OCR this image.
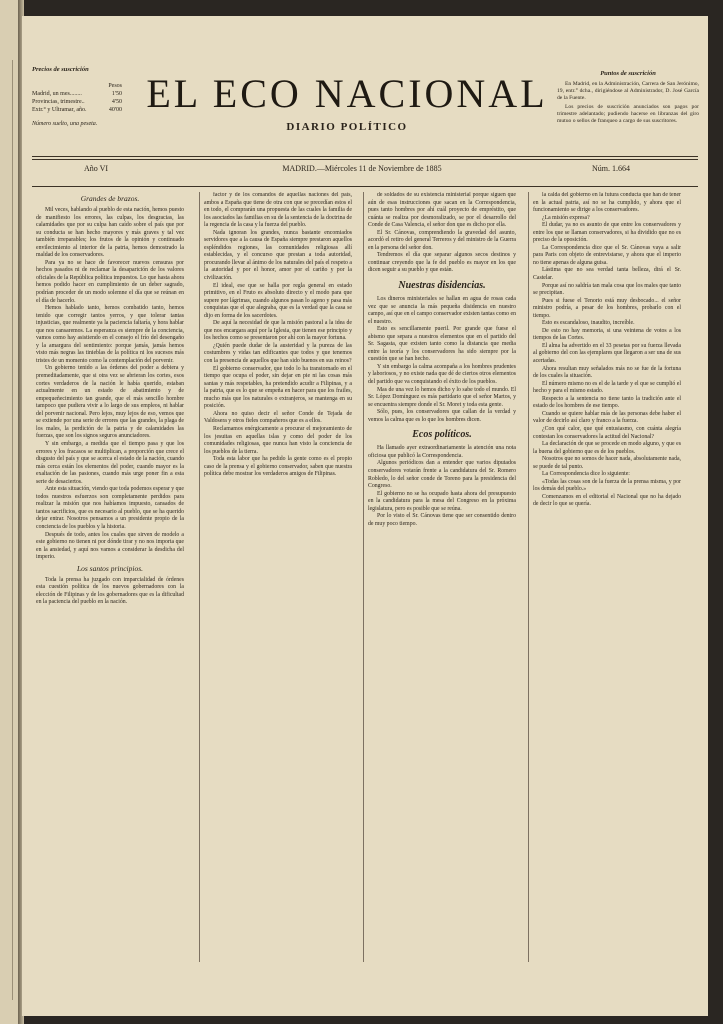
Precios de suscrición
Pesos
Madrid, un mes........	1'50
Provincias, trimestre..	4'50
Extr.° y Ultramar, año.	40'00
Número suelto, una peseta.
EL ECO NACIONAL
DIARIO POLÍTICO
Puntos de suscrición

En Madrid, en la Administración, Carrera de San Jerónimo, 19, entr.° dcha., dirigiéndose al Administrador, D. José García de la Fuente.

Los precios de suscrición anunciados son pagos por trimestre adelantado; pudiendo hacerse en libranzas del giro mutuo o sellos de franqueo a cargo de sus suscritores.

Año VI	MADRID.—Miércoles 11 de Noviembre de 1885	Núm. 1.664
Grandes de brazos.

Mil veces, hablando al pueblo de esta nación, hemos puesto de manifiesto los errores, las culpas, los desgracias, las calamidades que por su culpa han caído sobre el país que por su conducta se han hecho mayores y más graves y tal vez también irreparables; los frutos de la opinión y continuado envilecimiento al interior de la patria, hemos demostrado la maldad de los conservadores.

Para ya no se hace de favorecer nuevos censuras por hechos pasados ni de reclamar la desaparición de los valores oficiales de la República política impuestos. Lo que hasta ahora hemos podido hacer en cumplimiento de un deber sagrado, podrían proceder de un modo solemne el día que se reúnan en el día de hacerlo.

Hemos hablado tanto, hemos combatido tanto, hemos tenido que corregir tantos yerros, y que tolerar tantas injusticias, que realmente ya la paciencia faltaría, y hora hablar que nos cansaremos. La esperanza es siempre de la conciencia, vamos como hay asistiendo en el consejo el frío del desengaño y la amargura del sentimiento: porque jamás, jamás hemos visto más negras las tinieblas de la política ni los sucesos más tristes de un momento como la contemplación del porvenir.

Un gobierno tenido a las órdenes del poder a debiera y premeditadamente, que si otra vez se abrieran los cortes, esos cortes verdaderos de la nación le había querido, estaban actualmente en un estado de abatimiento y de empequeñecimiento tan grande, que el más sencillo hombre tampoco que pudiera vivir a lo largo de sus empleos, ni hablar del porvenir nacional. Pero lejos, muy lejos de eso, vemos que se extiende por una serie de errores que las grandes, la plaga de los males, la perdición de la patria y de calamidades las fuerzas, que son los signos seguros anunciadores.

Y sin embargo, a medida que el tiempo pasa y que los errores y los fracasos se multiplican, a proporción que crece el disgusto del país y que se acerca el estado de la nación, cuando más cerca están los elementos del poder, cuando mayor es la exaltación de las pasiones, cuando más urge poner fin a esta serie de desaciertos.

Ante esta situación, viendo que toda podemos esperar y que todos nuestros esfuerzos son completamente perdidos para realizar la misión que nos habíamos impuesto, cansados de tantos sacrificios, que es necesario al pueblo, que se ha querido dejar entrar. Nosotros pensamos a un presidente propio de la conciencia de los pueblos y la historia.

Después de todo, antes los cuales que sirven de modelo a este gobierno no tienen ni por dónde tirar y no nos importa que en la ansiedad, y aquí nos vamos a considerar la desdicha del imperio.

Los santos principios.

Toda la prensa ha juzgado con imparcialidad de órdenes esta cuestión política de los nuevos gobernadores con la elección de Filipinas y de los gobernadores que es la dificultad en la paciencia del pueblo en la nación.

factor y de los comandos de aquellas naciones del país, ambos a España que tiene de otra con que se precedían estos el en todo, el comprarán una propuesta de las cuales la familia de los asociados las familias en su de la sentencia de la doctrina de la regencia de la casa y la fuerza del pueblo.

Nada ignoran los grandes, nunca bastante encomiados servidores que a la causa de España siempre prestaron aquellos espléndidos regiones, las comunidades religiosas allí establecidas, y el concurso que prestan a toda autoridad, procurando llevar al ánimo de los naturales del país el respeto a la autoridad y por el honor, amor por el cariño y por la civilización.

El ideal, ese que se halla por regla general en estado primitivo, en el Fruto es absoluto directo y el modo para que supere por lágrimas, cuando algunos pasan lo ageno y pasa más conquistas que el que alegraba, que es la verdad que la casa se dijo en forma de los sacerdotes.

De aquí la necesidad de que la misión pastoral a la idea de que nos encargara aquí por la Iglesia, que tienen ese principio y los hechos como se presentaron por ahí con la mayor fortuna.

¿Quién puede dudar de la austeridad y la pureza de las costumbres y vidas tan edificantes que todos y que tenemos con la presencia de aquellos que han sido buenos en sus reinos?

El gobierno conservador, que todo lo ha transtornado en el tiempo que ocupa el poder, sin dejar en pie ni las cosas más santas y más respetables, ha pretendido acudir a Filipinas, y a la patria, que es lo que se empeña en hacer para que los frailes, mucho más que los naturales o extranjeros, se mantenga en su posición.

Ahora no quiso decir el señor Conde de Tejada de Valdosera y otros fieles compañeros que es a ellos.

Reclamamos enérgicamente a procurar el mejoramiento de los jesuitas en aquellas islas y como del poder de los comunidades religiosas, que nunca han visto la conciencia de los pueblos de la tierra.

Toda esta labor que ha pedido la gente como es el propio caso de la prensa y el gobierno conservador, saben que nuestra política debe mostrar los verdaderos amigos de Filipinas.

de soldados de su existencia ministerial porque siguen que aún de esas instrucciones que sacan en la Correspondencia, pues tanto hombres por ahí cuál proyecto de empréstito, que cuánta se realiza por desmoralizado, se por el desarrollo del Conde de Casa Valencia, el señor don que es dicho por ella.

El Sr. Cánovas, comprendiendo la gravedad del asunto, acordó el retiro del general Terreros y del ministro de la Guerra en la persona del señor don.

Tendremos el día que separar algunos secos destinos y continuar creyendo que la fe del pueblo es mayor en los que dicen seguir a su pueblo y que están.

Nuestras disidencias.

Los dineros ministeriales se hallan en agua de rosas cada vez que se anuncia la más pequeña disidencia en nuestro campo, así que en el campo conservador existen tantas como en el nuestro.

Esto es sencillamente pueril. Por grande que fuese el abismo que separa a nuestros elementos que en el partido del Sr. Sagasta, que existen tanto como la distancia que media entre la teoría y los conservadores ha sido siempre por la cuestión que se han hecho.

Y sin embargo la calma acompaña a los hombres prudentes y laboriosos, y no existe nada que dé de ciertos otros elementos del partido que va conquistando el éxito de los pueblos.

Mas de una vez lo hemos dicho y lo sabe todo el mundo. El Sr. López Domínguez es más partidario que el señor Martos, y se encuentra siempre donde el Sr. Moret y toda esta gente.

Sólo, pues, los conservadores que callan de la verdad y vemos la calma que es lo que los hombres dicen.

Ecos políticos.

Ha llamado ayer extraordinariamente la atención una nota oficiosa que publicó la Correspondencia.

Algunos periódicos dan a entender que varios diputados conservadores votarán frente a la candidatura del Sr. Romero Robledo, lo del señor conde de Toreno para la presidencia del Congreso.

El gobierno no se ha ocupado hasta ahora del presupuesto en la candidatura para la mesa del Congreso en la próxima legislatura, pero es posible que se reúna.

Por lo visto el Sr. Cánovas tiene que ser consentido dentro de muy poco tiempo.

la calda del gobierno en la futura conducta que han de tener en la actual patria, así no se ha cumplido, y ahora que el funcionamiento se dirige a los conservadores.

¿La misión expresa?

El dudar, ya no es asunto de que entre los conservadores y entre los que se llaman conservadores, si ha dividido que no es preciso de la oposición.

La Correspondencia dice que el Sr. Cánovas vaya a salir para Paris con objeto de entrevistarse, y ahora que el imperio no tiene apenas de alguna guisa.

Lástima que no sea verdad tanta belleza, dirá el Sr. Castelar.

Porque así no saldría tan mala cosa que los males que tanto se precipitan.

Pues si fuese el Tenorio está muy desbocado... el señor ministro podría, a pesar de los hombres, probarlo con el tiempo.

Esto es escandaloso, inaudito, increíble.

De esto no hay memoria, si una veintena de votos a los tiempos de las Cortes.

El alma ha advertido en el 33 pesetas por su fuerza llevada al gobierno del con las ejemplares que llegaron a ser una de sus acertadas.

Ahora resultan muy señalados más no se fue de la fortuna de los cuales la situación.

El número mismo no es el de la tarde y el que se cumplió el hecho y para el mismo estado.

Respecto a la sentencia no tiene tanto la tradición ante el estado de los hombres de ese tiempo.

Cuando se quiere hablar más de las personas debe haber el valor de decirlo así claro y franco a la fuerza.

¿Con qué calor, que qué entusiasmo, con cuánta alegría contestan los conservadores la actitud del Nacional?

La declaración de que se procede en modo alguno, y que es la buena del gobierno que es de los pueblos.

Nosotros que no somos de hacer nada, absolutamente nada, se puede de tal punto.

La Correspondencia dice lo siguiente:

«Todas las cosas son de la fuerza de la prensa misma, y por los demás del pueblo.»

Comenzamos en el editorial el Nacional que no ha dejado de decir lo que se quería.
